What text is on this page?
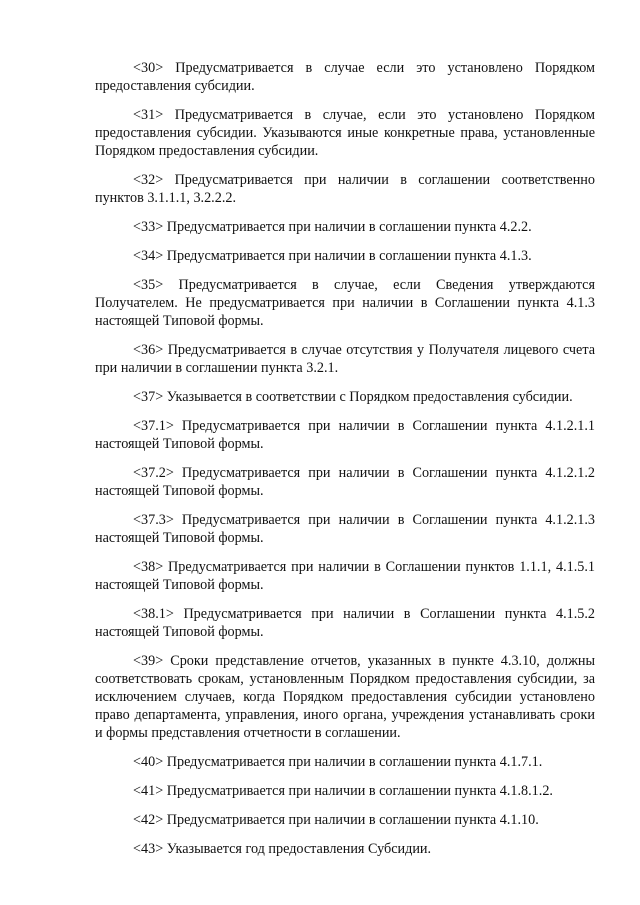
<30> Предусматривается в случае если это установлено Порядком предоставления субсидии.

<31> Предусматривается в случае, если это установлено Порядком предоставления субсидии. Указываются иные конкретные права, установленные Порядком предоставления субсидии.

<32> Предусматривается при наличии в соглашении соответственно пунктов 3.1.1.1, 3.2.2.2.

<33> Предусматривается при наличии в соглашении пункта 4.2.2.

<34> Предусматривается при наличии в соглашении пункта 4.1.3.

<35> Предусматривается в случае, если Сведения утверждаются Получателем. Не предусматривается при наличии в Соглашении пункта 4.1.3 настоящей Типовой формы.

<36> Предусматривается в случае отсутствия у Получателя лицевого счета при наличии в соглашении пункта 3.2.1.

<37> Указывается в соответствии с Порядком предоставления субсидии.

<37.1> Предусматривается при наличии в Соглашении пункта 4.1.2.1.1 настоящей Типовой формы.

<37.2> Предусматривается при наличии в Соглашении пункта 4.1.2.1.2 настоящей Типовой формы.

<37.3> Предусматривается при наличии в Соглашении пункта 4.1.2.1.3 настоящей Типовой формы.

<38> Предусматривается при наличии в Соглашении пунктов 1.1.1, 4.1.5.1 настоящей Типовой формы.

<38.1> Предусматривается при наличии в Соглашении пункта 4.1.5.2 настоящей Типовой формы.

<39> Сроки представление отчетов, указанных в пункте 4.3.10, должны соответствовать срокам, установленным Порядком предоставления субсидии, за исключением случаев, когда Порядком предоставления субсидии установлено право департамента, управления, иного органа, учреждения устанавливать сроки и формы представления отчетности в соглашении.

<40> Предусматривается при наличии в соглашении пункта 4.1.7.1.

<41> Предусматривается при наличии в соглашении пункта 4.1.8.1.2.

<42> Предусматривается при наличии в соглашении пункта 4.1.10.

<43> Указывается год предоставления Субсидии.
